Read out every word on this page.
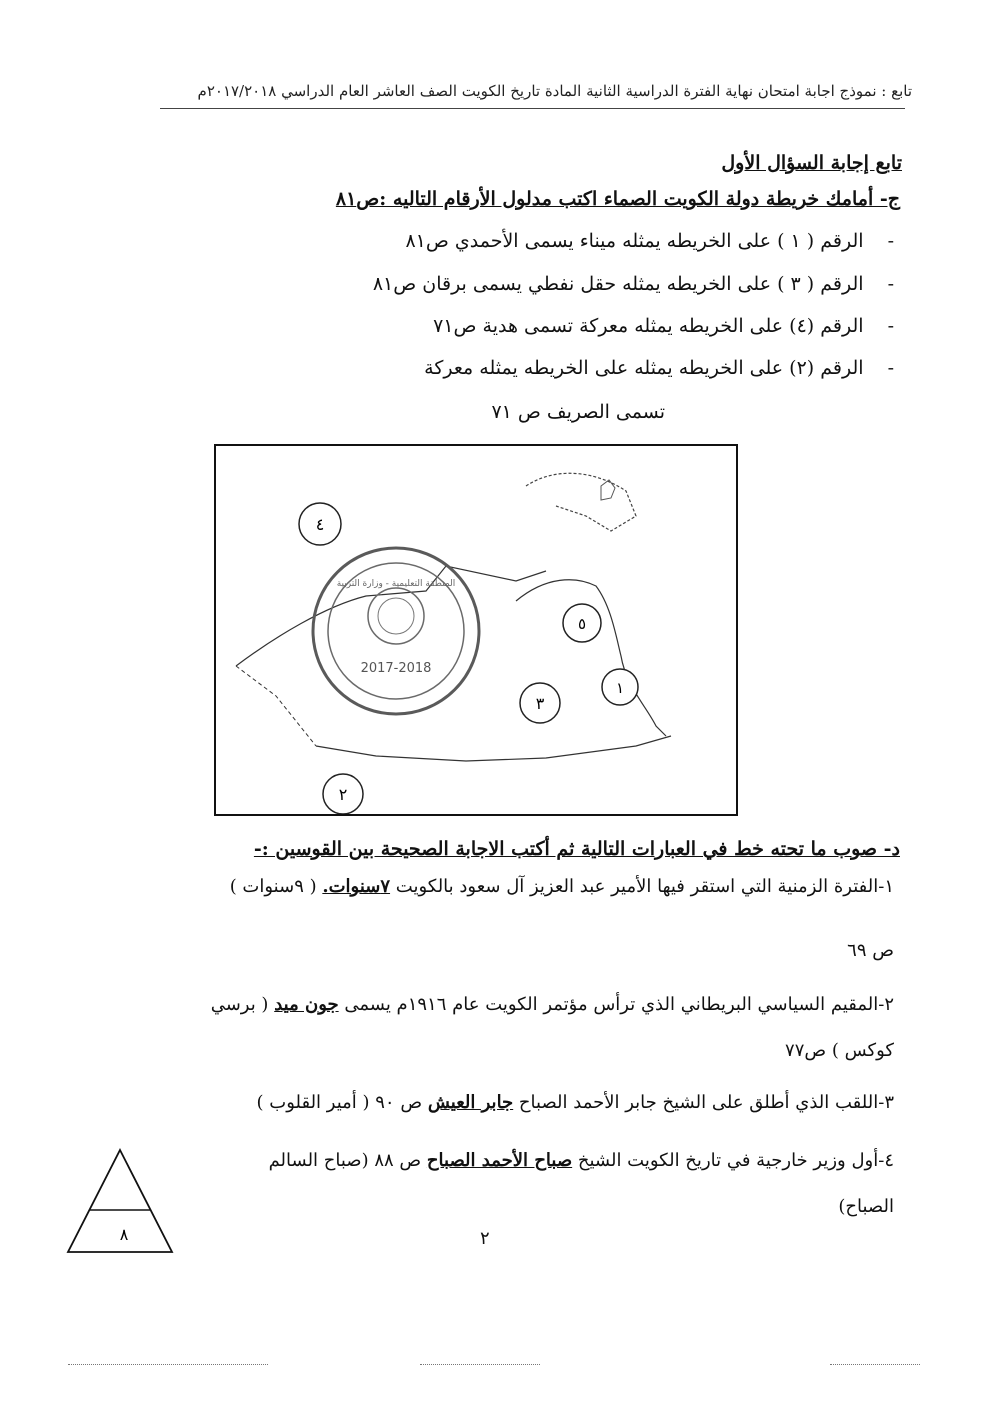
تابع : نموذج اجابة امتحان نهاية الفترة الدراسية الثانية المادة تاريخ الكويت الصف العاشر العام الدراسي ٢٠١٧/٢٠١٨م
تابع إجابة السؤال الأول
ج- أمامك خريطة دولة الكويت الصماء اكتب مدلول الأرقام التاليه :ص٨١
- الرقم ( ١ ) على الخريطه يمثله ميناء يسمى الأحمدي ص٨١
- الرقم ( ٣ ) على الخريطه يمثله حقل نفطي يسمى برقان ص٨١
- الرقم (٤) على الخريطه يمثله معركة تسمى هدية ص٧١
- الرقم (٢) على الخريطه يمثله على الخريطه يمثله معركة
تسمى الصريف ص ٧١
2017-2018
المنطقة التعليمية - وزارة التربية
٤
٥
١
٣
٢
د- صوب ما تحته خط في العبارات التالية ثم أكتب الاجابة الصحيحة بين القوسين :-
١-الفترة الزمنية التي استقر فيها الأمير عبد العزيز آل سعود بالكويت ٧سنوات. ( ٩سنوات )
ص ٦٩
٢-المقيم السياسي البريطاني الذي ترأس مؤتمر الكويت عام ١٩١٦م يسمى جون ميد ( برسي
كوكس ) ص٧٧
٣-اللقب الذي أطلق على الشيخ جابر الأحمد الصباح جابر العيش ص ٩٠ ( أمير القلوب )
٤-أول وزير خارجية في تاريخ الكويت الشيخ صباح الأحمد الصباح ص ٨٨ (صباح السالم
الصباح)
٨	٢
